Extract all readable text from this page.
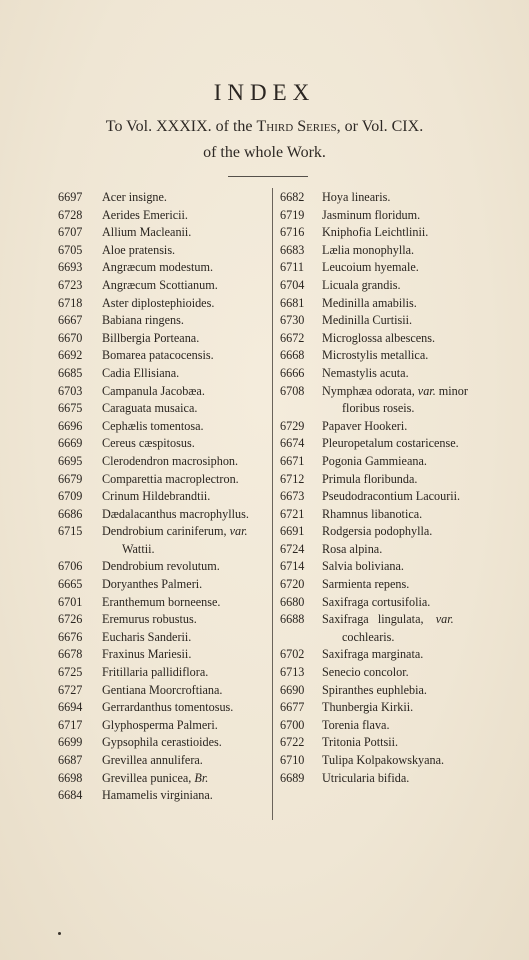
INDEX
To Vol. XXXIX. of the Third Series, or Vol. CIX.
of the whole Work.
6697	Acer insigne.
6728	Aerides Emericii.
6707	Allium Macleanii.
6705	Aloe pratensis.
6693	Angræcum modestum.
6723	Angræcum Scottianum.
6718	Aster diplostephioides.
6667	Babiana ringens.
6670	Billbergia Porteana.
6692	Bomarea patacocensis.
6685	Cadia Ellisiana.
6703	Campanula Jacobæa.
6675	Caraguata musaica.
6696	Cephælis tomentosa.
6669	Cereus cæspitosus.
6695	Clerodendron macrosiphon.
6679	Comparettia macroplectron.
6709	Crinum Hildebrandtii.
6686	Dædalacanthus macrophyllus.
6715	Dendrobium cariniferum, var.
Wattii.
6706	Dendrobium revolutum.
6665	Doryanthes Palmeri.
6701	Eranthemum borneense.
6726	Eremurus robustus.
6676	Eucharis Sanderii.
6678	Fraxinus Mariesii.
6725	Fritillaria pallidiflora.
6727	Gentiana Moorcroftiana.
6694	Gerrardanthus tomentosus.
6717	Glyphosperma Palmeri.
6699	Gypsophila cerastioides.
6687	Grevillea annulifera.
6698	Grevillea punicea, Br.
6684	Hamamelis virginiana.
6682	Hoya linearis.
6719	Jasminum floridum.
6716	Kniphofia Leichtlinii.
6683	Lælia monophylla.
6711	Leucoium hyemale.
6704	Licuala grandis.
6681	Medinilla amabilis.
6730	Medinilla Curtisii.
6672	Microglossa albescens.
6668	Microstylis metallica.
6666	Nemastylis acuta.
6708	Nymphæa odorata, var. minor
floribus roseis.
6729	Papaver Hookeri.
6674	Pleuropetalum costaricense.
6671	Pogonia Gammieana.
6712	Primula floribunda.
6673	Pseudodracontium Lacourii.
6721	Rhamnus libanotica.
6691	Rodgersia podophylla.
6724	Rosa alpina.
6714	Salvia boliviana.
6720	Sarmienta repens.
6680	Saxifraga cortusifolia.
6688	Saxifraga   lingulata,    var.
cochlearis.
6702	Saxifraga marginata.
6713	Senecio concolor.
6690	Spiranthes euphlebia.
6677	Thunbergia Kirkii.
6700	Torenia flava.
6722	Tritonia Pottsii.
6710	Tulipa Kolpakowskyana.
6689	Utricularia bifida.
